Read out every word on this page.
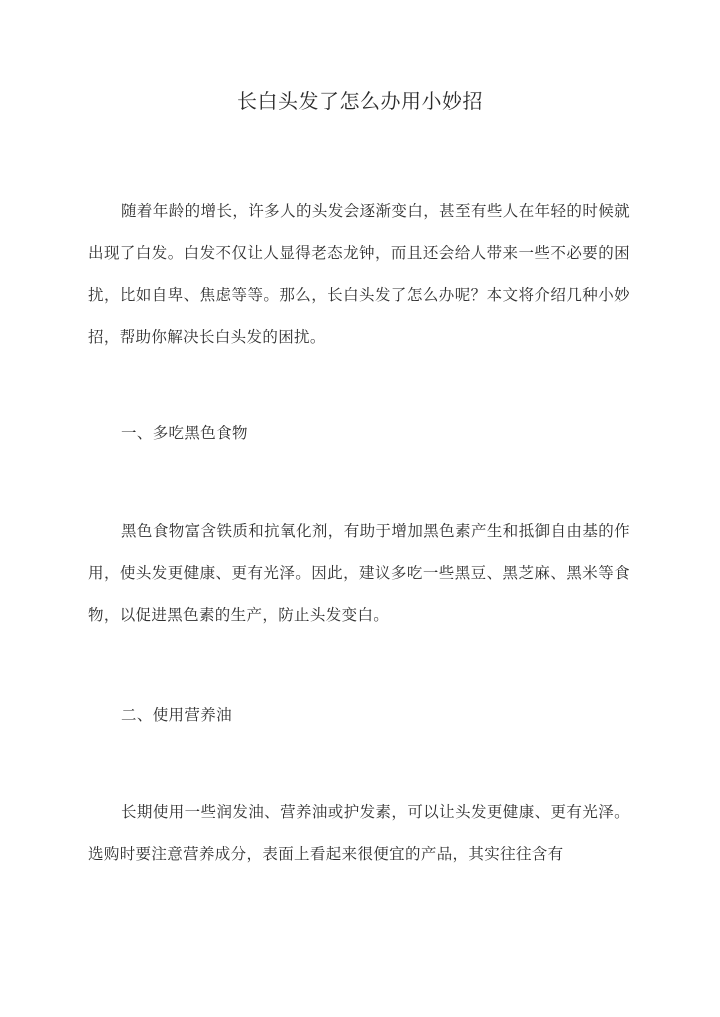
长白头发了怎么办用小妙招

随着年龄的增长，许多人的头发会逐渐变白，甚至有些人在年轻的时候就出现了白发。白发不仅让人显得老态龙钟，而且还会给人带来一些不必要的困扰，比如自卑、焦虑等等。那么，长白头发了怎么办呢？本文将介绍几种小妙招，帮助你解决长白头发的困扰。

一、多吃黑色食物

黑色食物富含铁质和抗氧化剂，有助于增加黑色素产生和抵御自由基的作用，使头发更健康、更有光泽。因此，建议多吃一些黑豆、黑芝麻、黑米等食物，以促进黑色素的生产，防止头发变白。

二、使用营养油

长期使用一些润发油、营养油或护发素，可以让头发更健康、更有光泽。选购时要注意营养成分，表面上看起来很便宜的产品，其实往往含有
